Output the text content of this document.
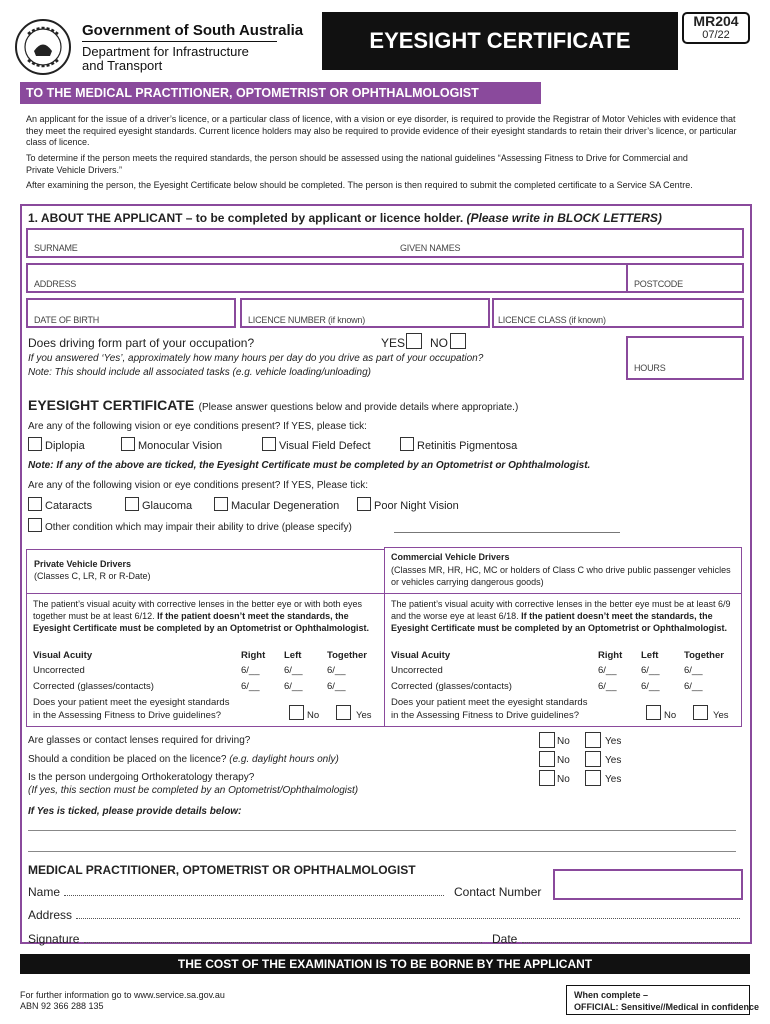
Government of South Australia
Department for Infrastructure
and Transport
EYESIGHT CERTIFICATE
MR204
07/22
TO THE MEDICAL PRACTITIONER, OPTOMETRIST OR OPHTHALMOLOGIST
An applicant for the issue of a driver’s licence, or a particular class of licence, with a vision or eye disorder, is required to provide the Registrar of Motor Vehicles with evidence that they meet the required eyesight standards. Current licence holders may also be required to provide evidence of their eyesight standards to retain their driver’s licence, or particular class of licence.
To determine if the person meets the required standards, the person should be assessed using the national guidelines “Assessing Fitness to Drive for Commercial and Private Vehicle Drivers.”
After examining the person, the Eyesight Certificate below should be completed. The person is then required to submit the completed certificate to a Service SA Centre.
1. ABOUT THE APPLICANT – to be completed by applicant or licence holder. (Please write in BLOCK LETTERS)
SURNAME	GIVEN NAMES
ADDRESS	POSTCODE
DATE OF BIRTH	LICENCE NUMBER (if known)	LICENCE CLASS (if known)
Does driving form part of your occupation?	YES NO
If you answered ‘Yes’, approximately how many hours per day do you drive as part of your occupation?
Note: This should include all associated tasks (e.g. vehicle loading/unloading)	HOURS
EYESIGHT CERTIFICATE (Please answer questions below and provide details where appropriate.)
Are any of the following vision or eye conditions present? If YES, please tick:
Diplopia	Monocular Vision	Visual Field Defect	Retinitis Pigmentosa
Note: If any of the above are ticked, the Eyesight Certificate must be completed by an Optometrist or Ophthalmologist.
Are any of the following vision or eye conditions present? If YES, Please tick:
Cataracts	Glaucoma	Macular Degeneration	Poor Night Vision
Other condition which may impair their ability to drive (please specify)
Private Vehicle Drivers
(Classes C, LR, R or R-Date)
Commercial Vehicle Drivers
(Classes MR, HR, HC, MC or holders of Class C who drive public passenger vehicles or vehicles carrying dangerous goods)
The patient’s visual acuity with corrective lenses in the better eye or with both eyes together must be at least 6/12. If the patient doesn’t meet the standards, the Eyesight Certificate must be completed by an Optometrist or Ophthalmologist.
The patient’s visual acuity with corrective lenses in the better eye must be at least 6/9 and the worse eye at least 6/18. If the patient doesn’t meet the standards, the Eyesight Certificate must be completed by an Optometrist or Ophthalmologist.
Visual Acuity	Right Left	Together
Uncorrected	6/__	6/__	6/__
Corrected (glasses/contacts)	6/__	6/__	6/__
Does your patient meet the eyesight standards
in the Assessing Fitness to Drive guidelines?	No	Yes
Visual Acuity	Right Left	Together
Uncorrected	6/__	6/__	6/__
Corrected (glasses/contacts)	6/__	6/__	6/__
Does your patient meet the eyesight standards
in the Assessing Fitness to Drive guidelines?	No	Yes
Are glasses or contact lenses required for driving?	No	Yes
Should a condition be placed on the licence? (e.g. daylight hours only)	No	Yes
Is the person undergoing Orthokeratology therapy?
(If yes, this section must be completed by an Optometrist/Ophthalmologist)
No	Yes
If Yes is ticked, please provide details below:
MEDICAL PRACTITIONER, OPTOMETRIST OR OPHTHALMOLOGIST
Name	Contact Number
Address
Signature	Date
THE COST OF THE EXAMINATION IS TO BE BORNE BY THE APPLICANT
For further information go to www.service.sa.gov.au
ABN 92 366 288 135
When complete –
OFFICIAL: Sensitive//Medical in confidence
